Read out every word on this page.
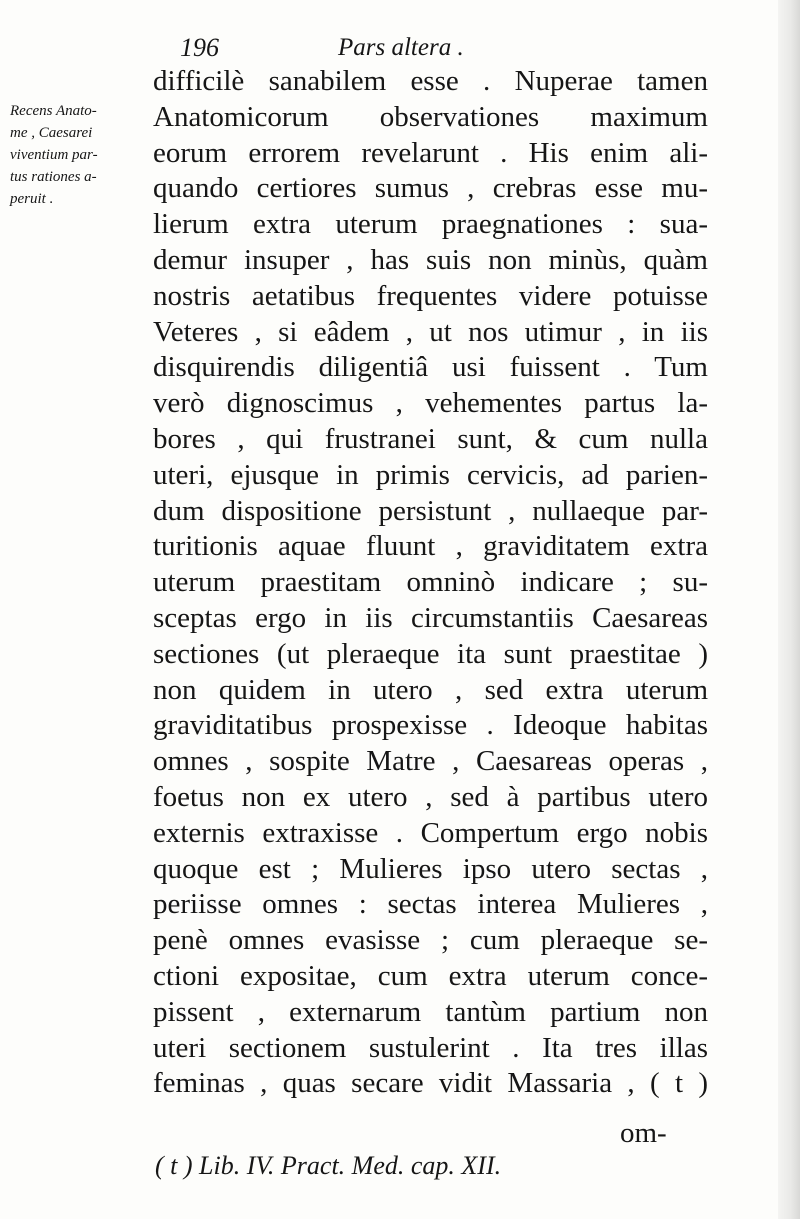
196	Pars altera .
Recens Anato-
me , Caesarei
viventium par-
tus rationes a-
peruit .
difficilè sanabilem esse . Nuperae tamen
Anatomicorum observationes maximum
eorum errorem revelarunt . His enim ali-
quando certiores sumus , crebras esse mu-
lierum extra uterum praegnationes : sua-
demur insuper , has suis non minùs, quàm
nostris aetatibus frequentes videre potuisse
Veteres , si eâdem , ut nos utimur , in iis
disquirendis diligentiâ usi fuissent . Tum
verò dignoscimus , vehementes partus la-
bores , qui frustranei sunt, & cum nulla
uteri, ejusque in primis cervicis, ad parien-
dum dispositione persistunt , nullaeque par-
turitionis aquae fluunt , graviditatem extra
uterum praestitam omninò indicare ; su-
sceptas ergo in iis circumstantiis Caesareas
sectiones (ut pleraeque ita sunt praestitae )
non quidem in utero , sed extra uterum
graviditatibus prospexisse . Ideoque habitas
omnes , sospite Matre , Caesareas operas ,
foetus non ex utero , sed à partibus utero
externis extraxisse . Compertum ergo nobis
quoque est ; Mulieres ipso utero sectas ,
periisse omnes : sectas interea Mulieres ,
penè omnes evasisse ; cum pleraeque se-
ctioni expositae, cum extra uterum conce-
pissent , externarum tantùm partium non
uteri sectionem sustulerint . Ita tres illas
feminas , quas secare vidit Massaria , ( t )
om-
( t ) Lib. IV. Pract. Med. cap. XII.
